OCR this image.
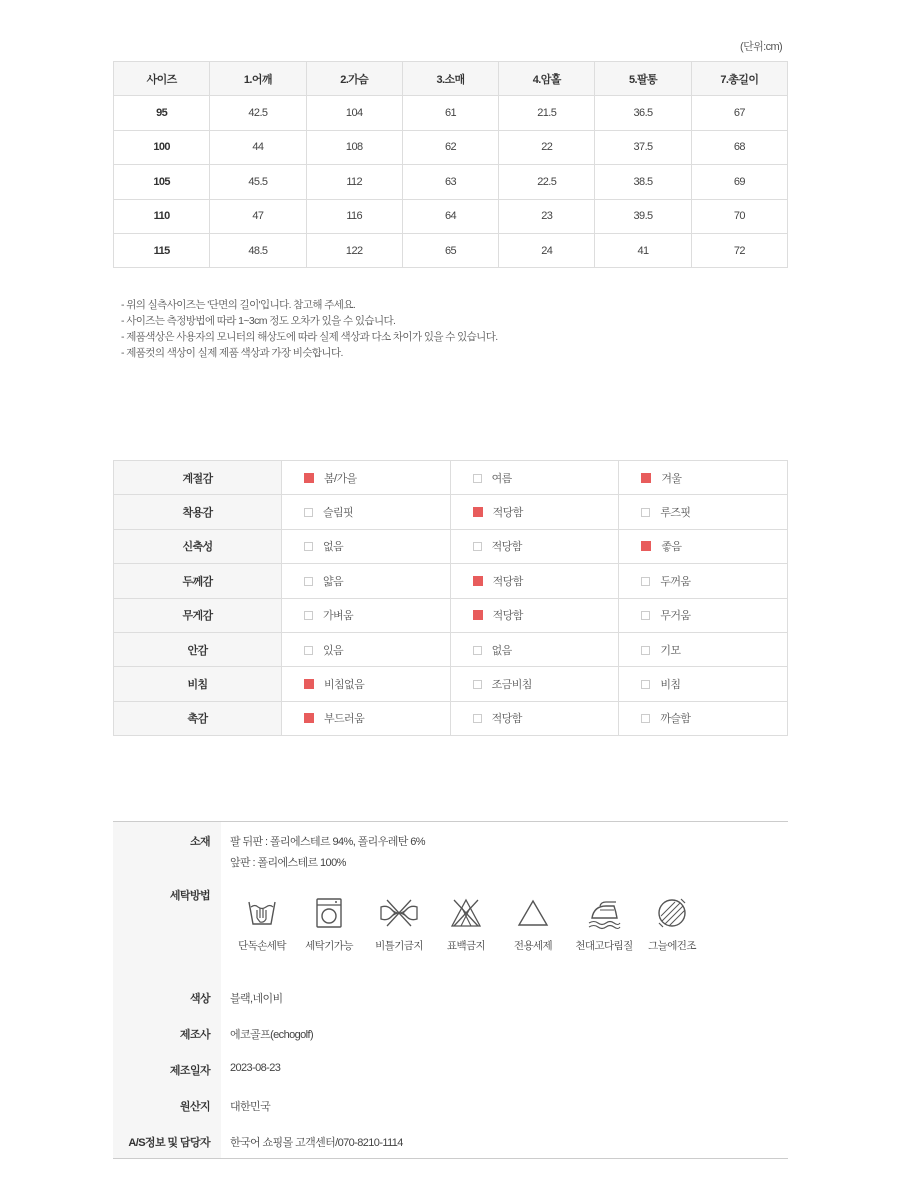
(단위:cm)
사이즈	1.어깨	2.가슴	3.소매	4.암홀	5.팔통	7.총길이
95	42.5	104	61	21.5	36.5	67
100	44	108	62	22	37.5	68
105	45.5	112	63	22.5	38.5	69
110	47	116	64	23	39.5	70
115	48.5	122	65	24	41	72
- 위의 실측사이즈는 '단면의 길이'입니다. 참고해 주세요.
- 사이즈는 측정방법에 따라 1~3cm 정도 오차가 있을 수 있습니다.
- 제품색상은 사용자의 모니터의 해상도에 따라 실제 색상과 다소 차이가 있을 수 있습니다.
- 제품컷의 색상이 실제 제품 색상과 가장 비슷합니다.
계절감	봄/가을	여름	겨울
착용감	슬림핏	적당함	루즈핏
신축성	없음	적당함	좋음
두께감	얇음	적당함	두꺼움
무게감	가벼움	적당함	무거움
안감	있음	없음	기모
비침	비침없음	조금비침	비침
촉감	부드러움	적당함	까슬함
소재 팔 뒤판 : 폴리에스테르 94%, 폴리우레탄 6%
앞판 : 폴리에스테르 100%
세탁방법
단독손세탁	세탁기가능	비틀기금지	표백금지	전용세제	천대고다림질	그늘에건조
색상 블랙,네이비
제조사 에코골프(echogolf)
제조일자 2023-08-23
원산지 대한민국
A/S정보 및 담당자 한국어 쇼핑몰 고객센터/070-8210-1114
